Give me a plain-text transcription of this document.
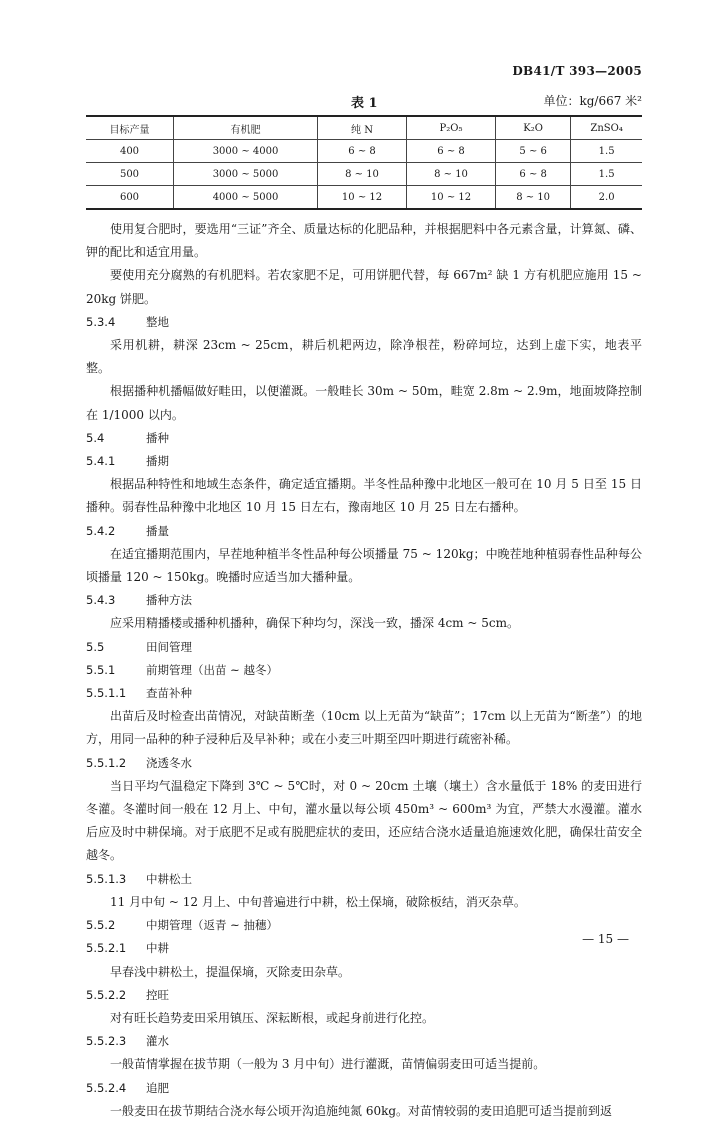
DB41/T 393—2005
表 1	单位：kg/667 米²
目标产量	有机肥	纯 N	P₂O₅	K₂O	ZnSO₄
400	3000 ~ 4000	6 ~ 8	6 ~ 8	5 ~ 6	1.5
500	3000 ~ 5000	8 ~ 10	8 ~ 10	6 ~ 8	1.5
600	4000 ~ 5000	10 ~ 12	10 ~ 12	8 ~ 10	2.0

使用复合肥时，要选用“三证”齐全、质量达标的化肥品种，并根据肥料中各元素含量，计算氮、磷、钾的配比和适宜用量。

要使用充分腐熟的有机肥料。若农家肥不足，可用饼肥代替，每 667m² 缺 1 方有机肥应施用 15 ~ 20kg 饼肥。

5.3.4	整地

采用机耕，耕深 23cm ~ 25cm，耕后机耙两边，除净根茬，粉碎坷垃，达到上虚下实，地表平整。

根据播种机播幅做好畦田，以便灌溉。一般畦长 30m ~ 50m，畦宽 2.8m ~ 2.9m，地面坡降控制在 1/1000 以内。

5.4	播种

5.4.1	播期

根据品种特性和地域生态条件，确定适宜播期。半冬性品种豫中北地区一般可在 10 月 5 日至 15 日播种。弱春性品种豫中北地区 10 月 15 日左右，豫南地区 10 月 25 日左右播种。

5.4.2	播量

在适宜播期范围内，早茬地种植半冬性品种每公顷播量 75 ~ 120kg；中晚茬地种植弱春性品种每公顷播量 120 ~ 150kg。晚播时应适当加大播种量。

5.4.3	播种方法

应采用精播楼或播种机播种，确保下种均匀，深浅一致，播深 4cm ~ 5cm。

5.5	田间管理

5.5.1	前期管理（出苗 ~ 越冬）

5.5.1.1 查苗补种

出苗后及时检查出苗情况，对缺苗断垄（10cm 以上无苗为“缺苗”；17cm 以上无苗为“断垄”）的地方，用同一品种的种子浸种后及早补种；或在小麦三叶期至四叶期进行疏密补稀。

5.5.1.2 浇透冬水

当日平均气温稳定下降到 3℃ ~ 5℃时，对 0 ~ 20cm 土壤（壤土）含水量低于 18% 的麦田进行冬灌。冬灌时间一般在 12 月上、中旬，灌水量以每公顷 450m³ ~ 600m³ 为宜，严禁大水漫灌。灌水后应及时中耕保墒。对于底肥不足或有脱肥症状的麦田，还应结合浇水适量追施速效化肥，确保壮苗安全越冬。

5.5.1.3 中耕松土

11 月中旬 ~ 12 月上、中旬普遍进行中耕，松土保墒，破除板结，消灭杂草。

5.5.2	中期管理（返青 ~ 抽穗）

5.5.2.1 中耕

早春浅中耕松土，提温保墒，灭除麦田杂草。

5.5.2.2 控旺

对有旺长趋势麦田采用镇压、深耘断根，或起身前进行化控。

5.5.2.3 灌水

一般苗情掌握在拔节期（一般为 3 月中旬）进行灌溉，苗情偏弱麦田可适当提前。

5.5.2.4 追肥

一般麦田在拔节期结合浇水每公顷开沟追施纯氮 60kg。对苗情较弱的麦田追肥可适当提前到返

— 15 —
